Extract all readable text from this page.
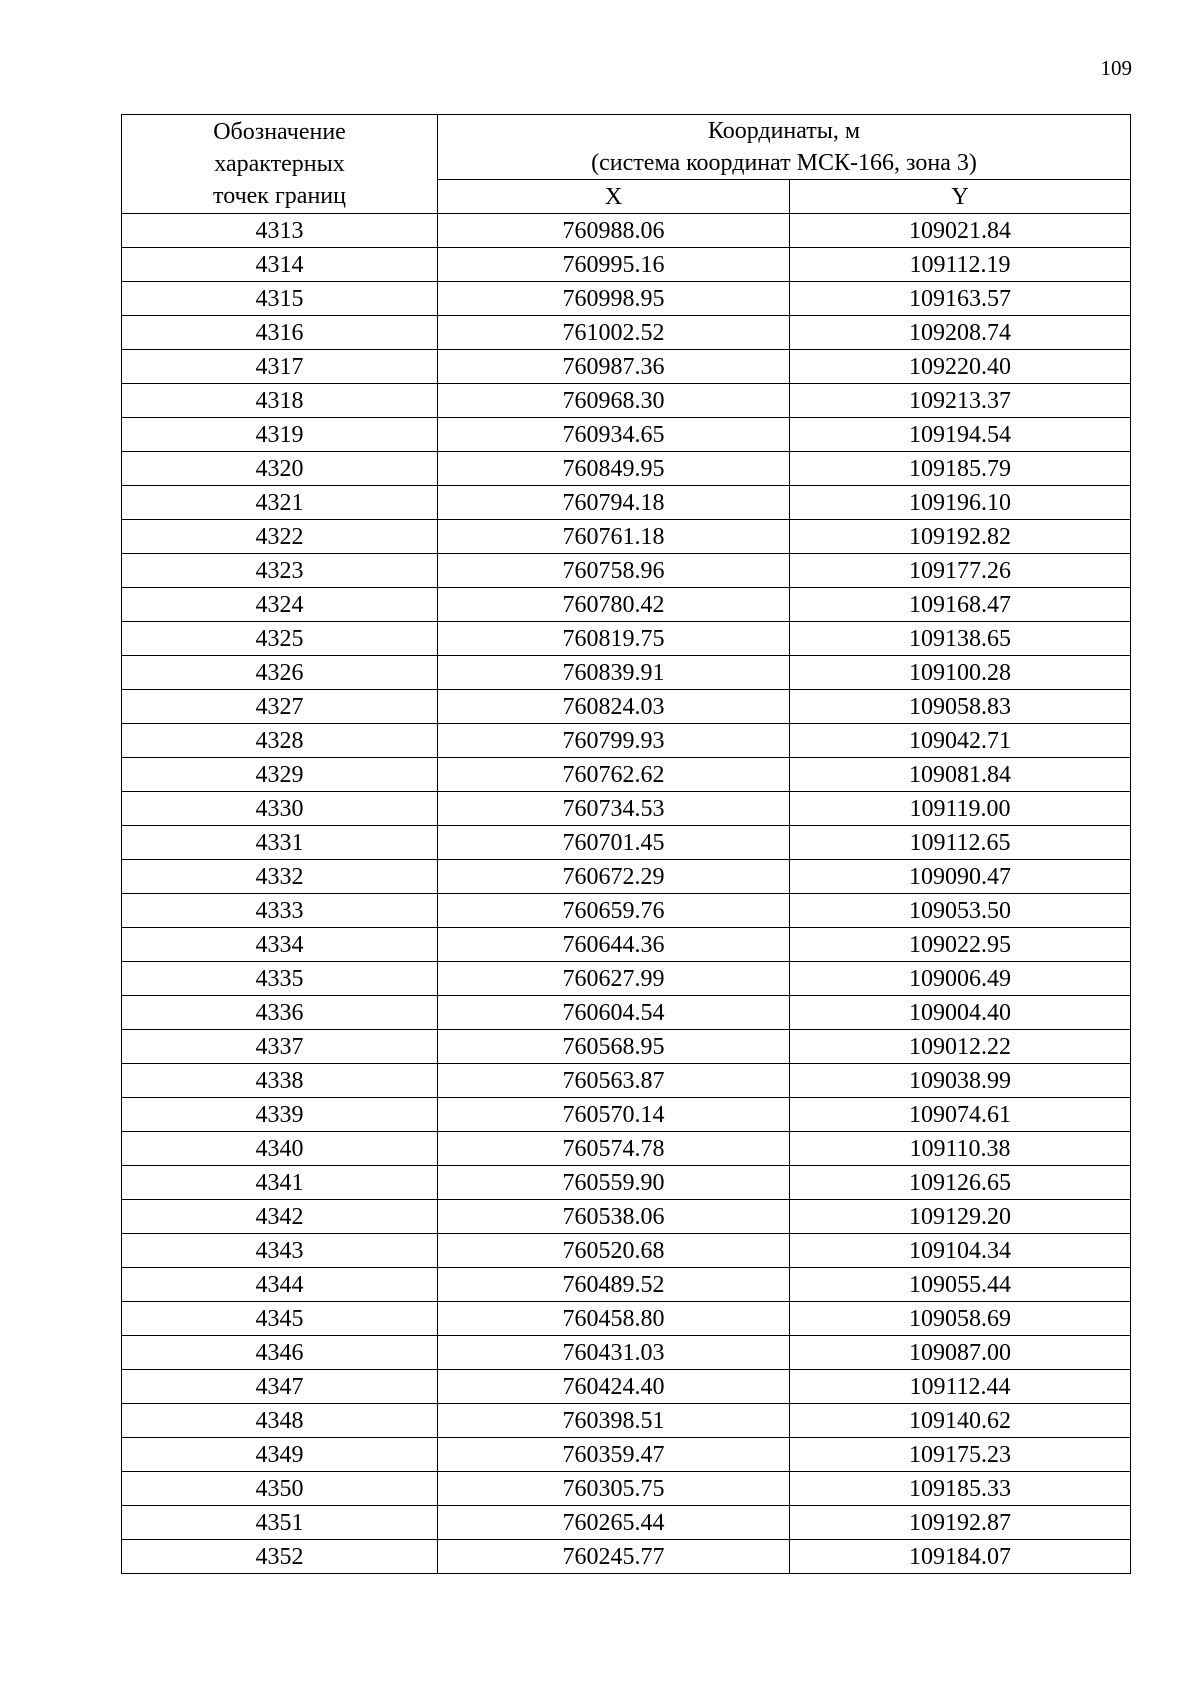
109
Обозначение
характерных
точек границ	Координаты, м
(система координат МСК-166, зона 3)	

	X	Y
4313	760988.06	109021.84
4314	760995.16	109112.19
4315	760998.95	109163.57
4316	761002.52	109208.74
4317	760987.36	109220.40
4318	760968.30	109213.37
4319	760934.65	109194.54
4320	760849.95	109185.79
4321	760794.18	109196.10
4322	760761.18	109192.82
4323	760758.96	109177.26
4324	760780.42	109168.47
4325	760819.75	109138.65
4326	760839.91	109100.28
4327	760824.03	109058.83
4328	760799.93	109042.71
4329	760762.62	109081.84
4330	760734.53	109119.00
4331	760701.45	109112.65
4332	760672.29	109090.47
4333	760659.76	109053.50
4334	760644.36	109022.95
4335	760627.99	109006.49
4336	760604.54	109004.40
4337	760568.95	109012.22
4338	760563.87	109038.99
4339	760570.14	109074.61
4340	760574.78	109110.38
4341	760559.90	109126.65
4342	760538.06	109129.20
4343	760520.68	109104.34
4344	760489.52	109055.44
4345	760458.80	109058.69
4346	760431.03	109087.00
4347	760424.40	109112.44
4348	760398.51	109140.62
4349	760359.47	109175.23
4350	760305.75	109185.33
4351	760265.44	109192.87
4352	760245.77	109184.07
